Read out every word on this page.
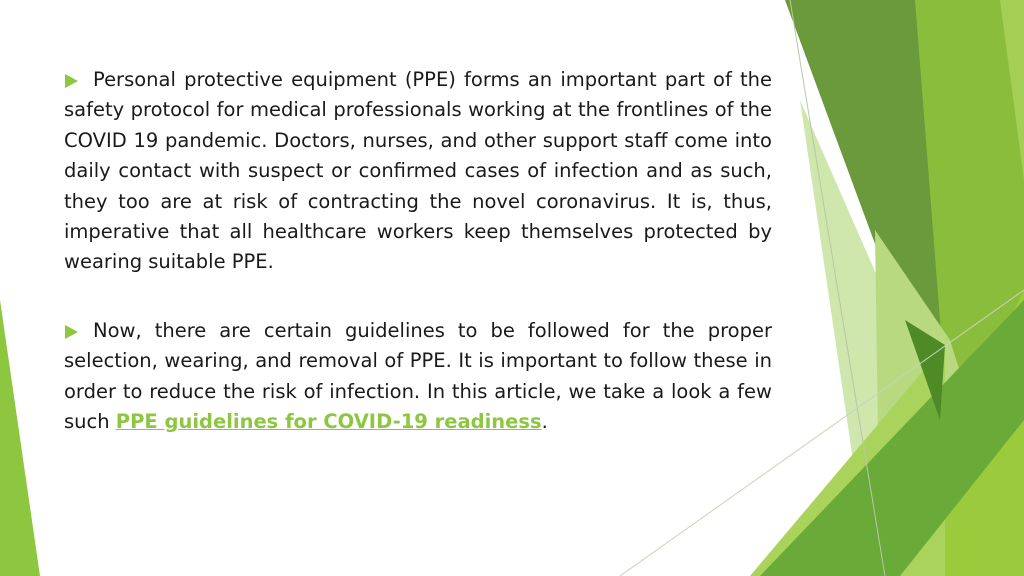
Personal protective equipment (PPE) forms an important part of the safety protocol for medical professionals working at the frontlines of the COVID 19 pandemic. Doctors, nurses, and other support staff come into daily contact with suspect or confirmed cases of infection and as such, they too are at risk of contracting the novel coronavirus. It is, thus, imperative that all healthcare workers keep themselves protected by wearing suitable PPE.

Now, there are certain guidelines to be followed for the proper selection, wearing, and removal of PPE. It is important to follow these in order to reduce the risk of infection. In this article, we take a look a few such PPE guidelines for COVID-19 readiness.
